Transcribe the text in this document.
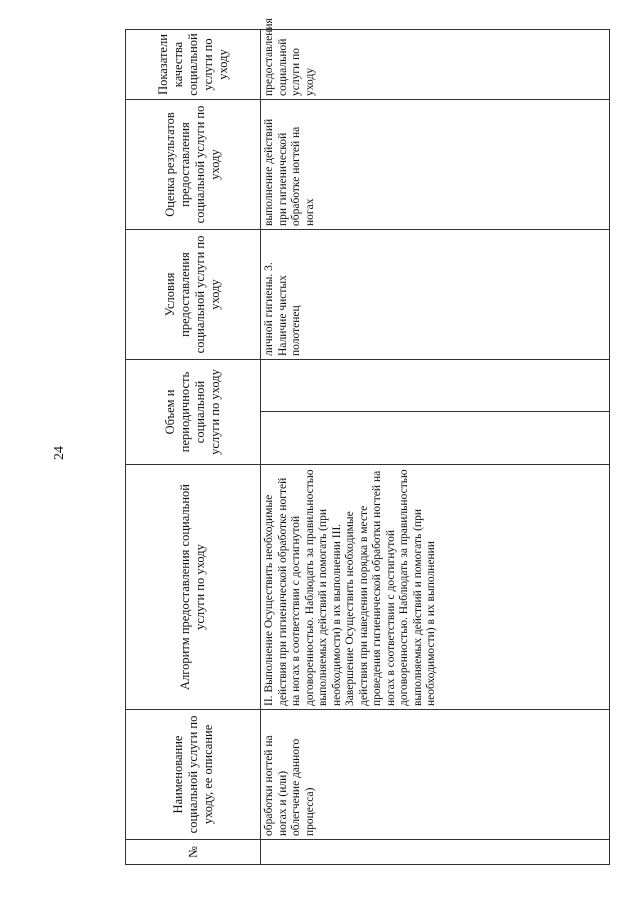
24
№	Наименование социальной услуги по уходу, ее описание	Алгоритм предоставления социальной услуги по уходу	Объем и периодичность социальной услуги по уходу	Условия предоставления социальной услуги по уходу	Оценка результатов предоставления социальной услуги по уходу	Показатели качества социальной услуги по уходу
	обработки ногтей на ногах и (или) облегчение данного процесса)	II. Выполнение Осуществить необходимые действия при гигиенической обработке ногтей на ногах в соответствии с достигнутой договоренностью. Наблюдать за правильностью выполняемых действий и помогать (при необходимости) в их выполнении III. Завершение Осуществить необходимые действия при наведении порядка в месте проведения гигиенической обработки ногтей на ногах в соответствии с достигнутой договоренностью. Наблюдать за правильностью выполняемых действий и помогать (при необходимости) в их выполнении		личной гигиены. 3. Наличие чистых полотенец	выполнение действий при гигиенической обработке ногтей на ногах	предоставления социальной услуги по уходу
